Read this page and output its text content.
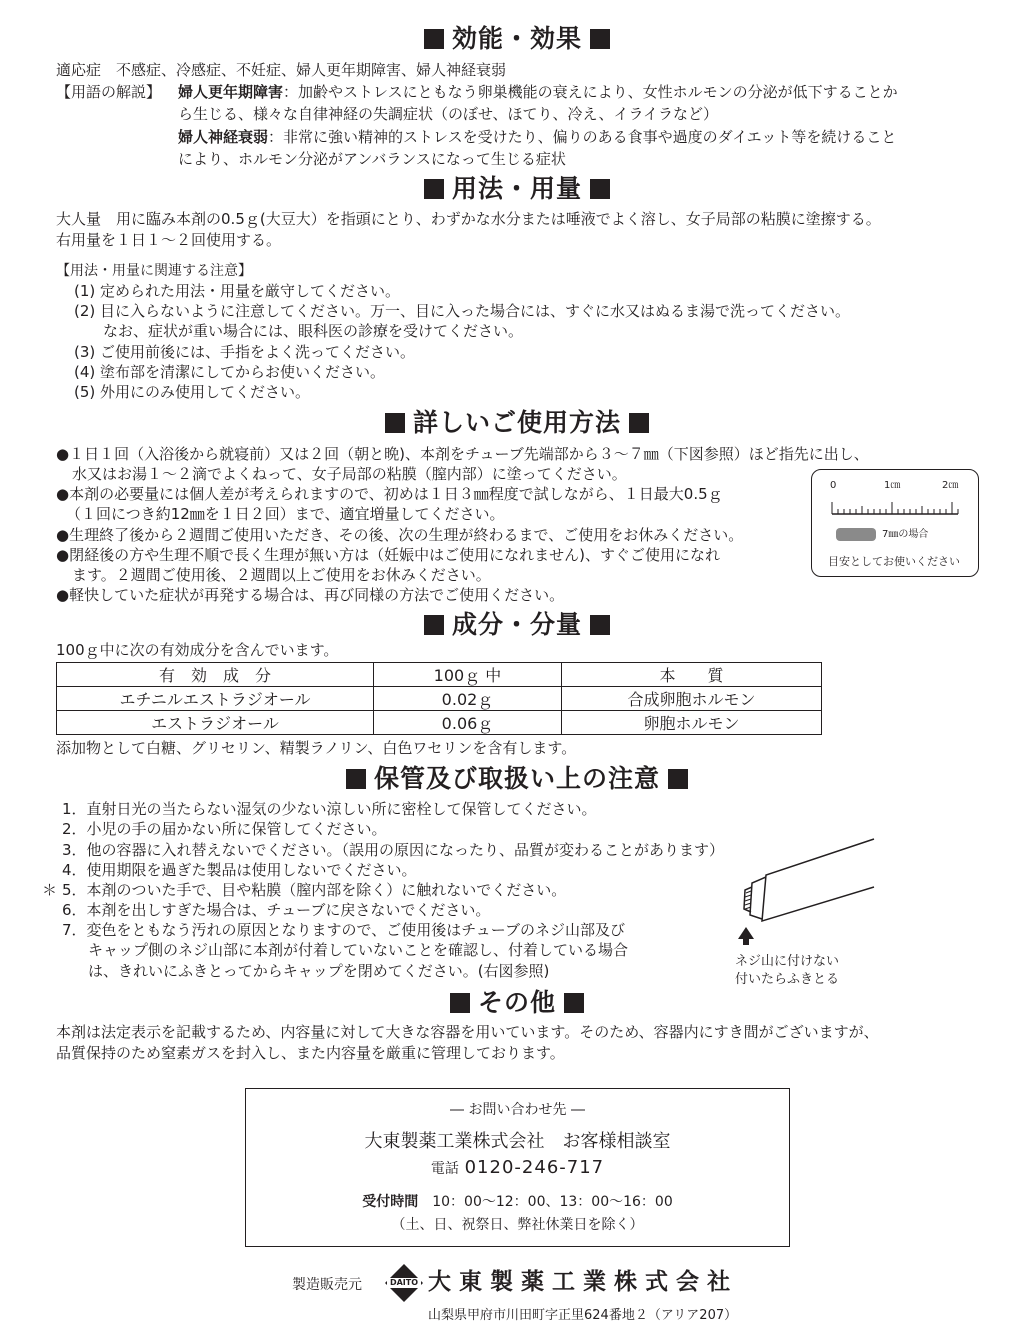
効能・効果
適応症　 不感症、冷感症、不妊症、婦人更年期障害、婦人神経衰弱
【用語の解説】 婦人更年期障害：加齢やストレスにともなう卵巣機能の衰えにより、女性ホルモンの分泌が低下することか
ら生じる、様々な自律神経の失調症状（のぼせ、ほてり、冷え、イライラなど）
婦人神経衰弱：非常に強い精神的ストレスを受けたり、偏りのある食事や過度のダイエット等を続けること
により、ホルモン分泌がアンバランスになって生じる症状
用法・用量
大人量　用に臨み本剤の0.5ｇ(大豆大）を指頭にとり、わずかな水分または唾液でよく溶し、女子局部の粘膜に塗擦する。
右用量を１日１～２回使用する。
【用法・用量に関連する注意】
(1) 定められた用法・用量を厳守してください。
(2) 目に入らないように注意してください。万一、目に入った場合には、すぐに水又はぬるま湯で洗ってください。
なお、症状が重い場合には、眼科医の診療を受けてください。
(3) ご使用前後には、手指をよく洗ってください。
(4) 塗布部を清潔にしてからお使いください。
(5) 外用にのみ使用してください。
詳しいご使用方法
●１日１回（入浴後から就寝前）又は２回（朝と晩)、本剤をチューブ先端部から３～７㎜（下図参照）ほど指先に出し、
水又はお湯１～２滴でよくねって、女子局部の粘膜（膣内部）に塗ってください。
●本剤の必要量には個人差が考えられますので、初めは１日３㎜程度で試しながら、１日最大0.5ｇ
（１回につき約12㎜を１日２回）まで、適宜増量してください。
●生理終了後から２週間ご使用いただき、その後、次の生理が終わるまで、ご使用をお休みください。
●閉経後の方や生理不順で長く生理が無い方は（妊娠中はご使用になれません)、すぐご使用になれ
ます。２週間ご使用後、２週間以上ご使用をお休みください。
●軽快していた症状が再発する場合は、再び同様の方法でご使用ください。
0	1㎝	2㎝
7㎜の場合
目安としてお使いください
成分・分量
100ｇ中に次の有効成分を含んでいます。
有　効　成　分	100ｇ 中	本　　質
エチニルエストラジオール	0.02ｇ	合成卵胞ホルモン
エストラジオール	0.06ｇ	卵胞ホルモン
添加物として白糖、グリセリン、精製ラノリン、白色ワセリンを含有します。
保管及び取扱い上の注意
1．直射日光の当たらない湿気の少ない涼しい所に密栓して保管してください。
2．小児の手の届かない所に保管してください。
3．他の容器に入れ替えないでください。（誤用の原因になったり、品質が変わることがあります）
4．使用期限を過ぎた製品は使用しないでください。
＊ 5．本剤のついた手で、目や粘膜（膣内部を除く）に触れないでください。
6．本剤を出しすぎた場合は、チューブに戻さないでください。
7．変色をともなう汚れの原因となりますので、ご使用後はチューブのネジ山部及び
キャップ側のネジ山部に本剤が付着していないことを確認し、付着している場合
は、きれいにふきとってからキャップを閉めてください。(右図参照)
ネジ山に付けない
付いたらふきとる
その他
本剤は法定表示を記載するため、内容量に対して大きな容器を用いています。そのため、容器内にすき間がございますが、
品質保持のため窒素ガスを封入し、また内容量を厳重に管理しております。
― お問い合わせ先 ―
大東製薬工業株式会社　お客様相談室
電話 0120-246-717
受付時間　 10：00～12：00、13：00～16：00
（土、日、祝祭日、弊社休業日を除く）
製造販売元	DAITO 大 東 製 薬 工 業 株 式 会 社
山梨県甲府市川田町字正里624番地２（アリア207）
